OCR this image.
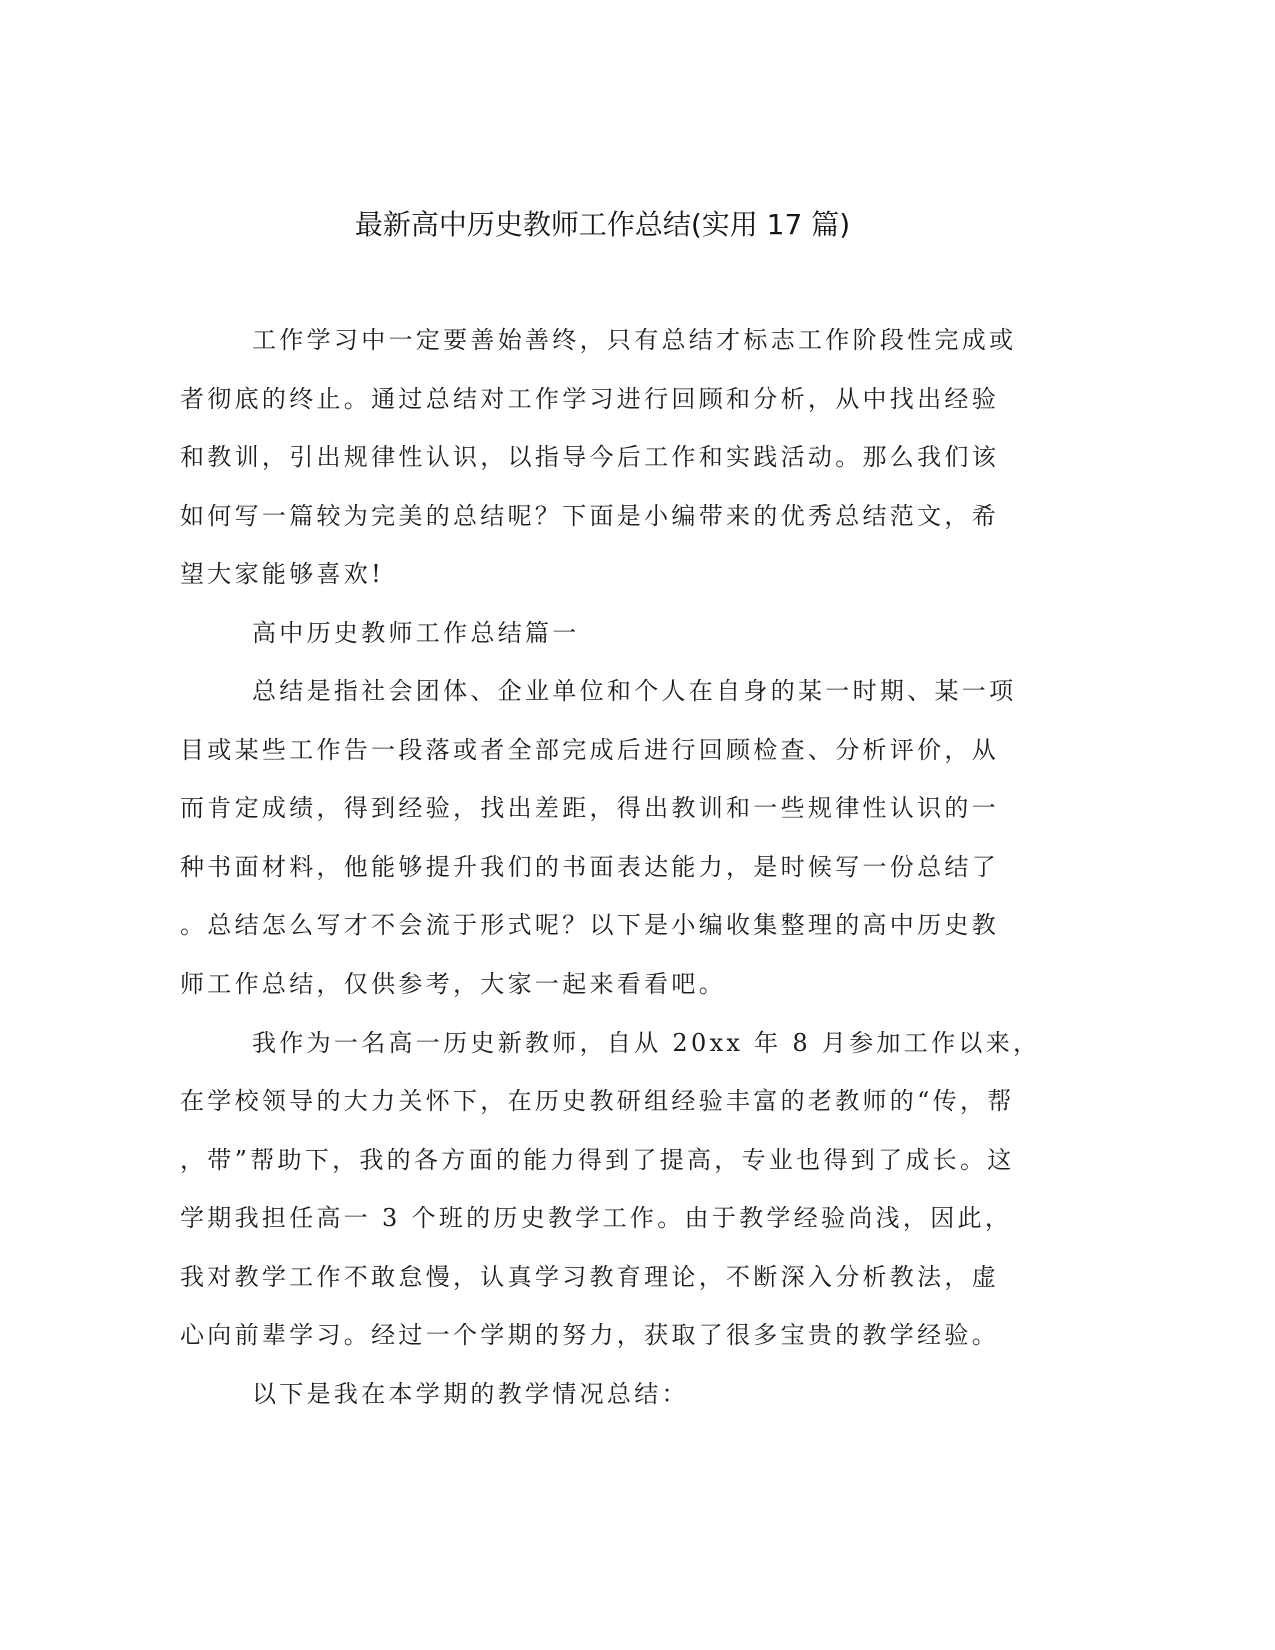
最新高中历史教师工作总结(实用 17 篇)

工作学习中一定要善始善终，只有总结才标志工作阶段性完成或
者彻底的终止。通过总结对工作学习进行回顾和分析，从中找出经验
和教训，引出规律性认识，以指导今后工作和实践活动。那么我们该
如何写一篇较为完美的总结呢？下面是小编带来的优秀总结范文，希
望大家能够喜欢!

高中历史教师工作总结篇一

总结是指社会团体、企业单位和个人在自身的某一时期、某一项
目或某些工作告一段落或者全部完成后进行回顾检查、分析评价，从
而肯定成绩，得到经验，找出差距，得出教训和一些规律性认识的一
种书面材料，他能够提升我们的书面表达能力，是时候写一份总结了
。总结怎么写才不会流于形式呢？以下是小编收集整理的高中历史教
师工作总结，仅供参考，大家一起来看看吧。

我作为一名高一历史新教师，自从 20xx 年 8 月参加工作以来，
在学校领导的大力关怀下，在历史教研组经验丰富的老教师的“传，帮
，带”帮助下，我的各方面的能力得到了提高，专业也得到了成长。这
学期我担任高一 3 个班的历史教学工作。由于教学经验尚浅，因此，
我对教学工作不敢怠慢，认真学习教育理论，不断深入分析教法，虚
心向前辈学习。经过一个学期的努力，获取了很多宝贵的教学经验。

以下是我在本学期的教学情况总结：
